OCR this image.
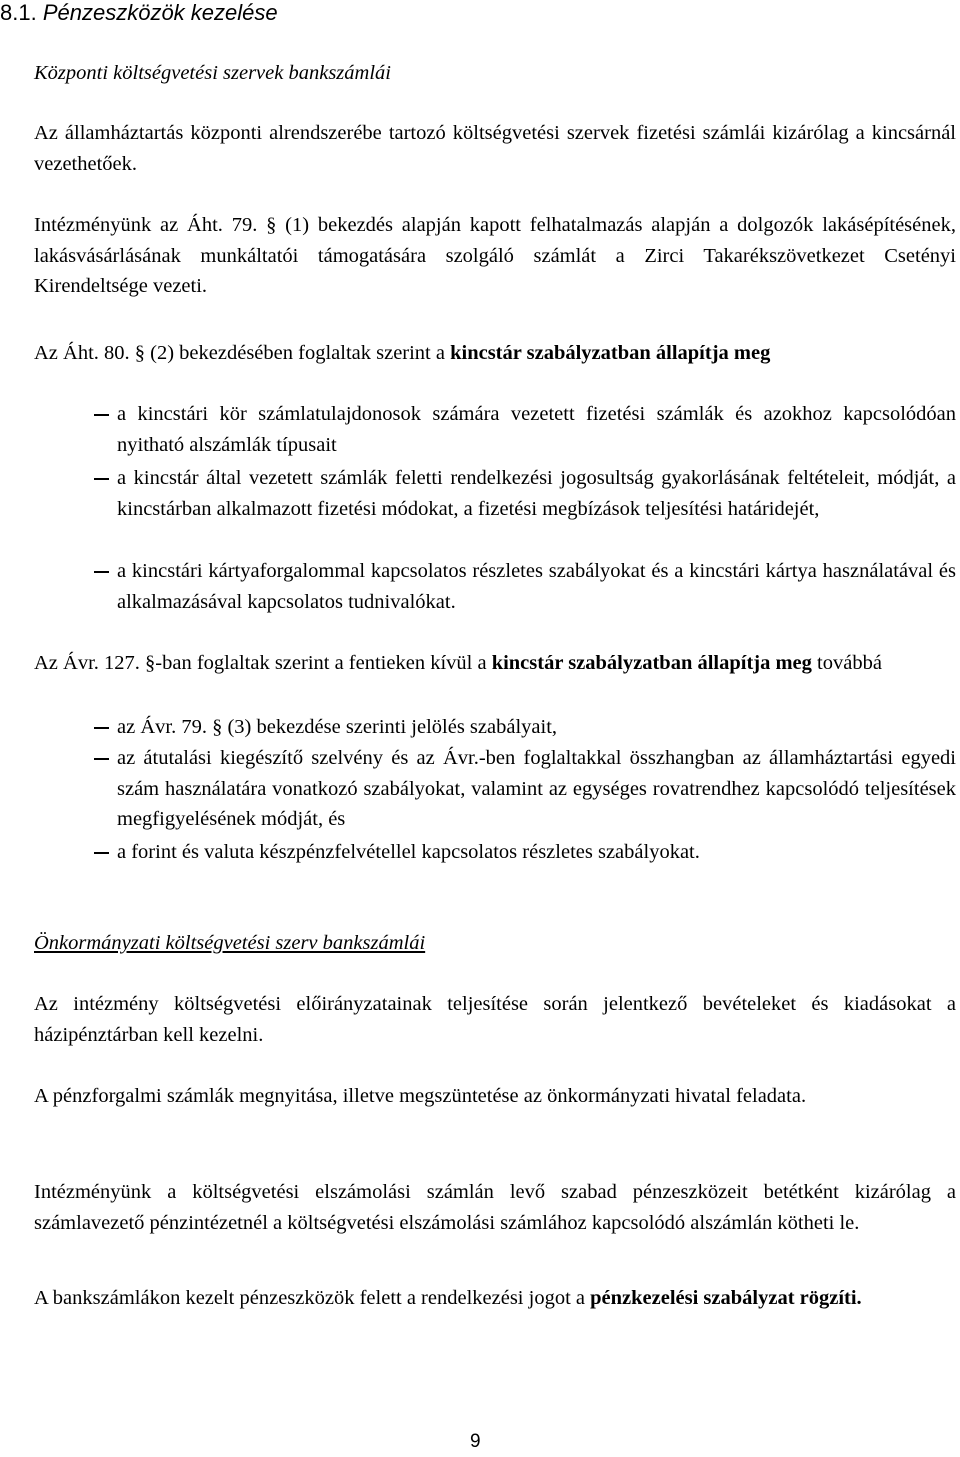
8.1. Pénzeszközök kezelése

Központi költségvetési szervek bankszámlái

Az államháztartás központi alrendszerébe tartozó költségvetési szervek fizetési számlái kizárólag a kincsárnál vezethetőek.

Intézményünk az Áht. 79. § (1) bekezdés alapján kapott felhatalmazás alapján a dolgozók lakásépítésének, lakásvásárlásának munkáltatói támogatására szolgáló számlát a Zirci Takarékszövetkezet Csetényi Kirendeltsége vezeti.

Az Áht. 80. § (2) bekezdésében foglaltak szerint a kincstár szabályzatban állapítja meg

a kincstári kör számlatulajdonosok számára vezetett fizetési számlák és azokhoz kapcsolódóan nyitható alszámlák típusait
a kincstár által vezetett számlák feletti rendelkezési jogosultság gyakorlásának feltételeit, módját, a kincstárban alkalmazott fizetési módokat, a fizetési megbízások teljesítési határidejét,
a kincstári kártyaforgalommal kapcsolatos részletes szabályokat és a kincstári kártya használatával és alkalmazásával kapcsolatos tudnivalókat.

Az Ávr. 127. §-ban foglaltak szerint a fentieken kívül a kincstár szabályzatban állapítja meg továbbá

az Ávr. 79. § (3) bekezdése szerinti jelölés szabályait,
az átutalási kiegészítő szelvény és az Ávr.-ben foglaltakkal összhangban az államháztartási egyedi szám használatára vonatkozó szabályokat, valamint az egységes rovatrendhez kapcsolódó teljesítések megfigyelésének módját, és
a forint és valuta készpénzfelvétellel kapcsolatos részletes szabályokat.

Önkormányzati költségvetési szerv bankszámlái

Az intézmény költségvetési előirányzatainak teljesítése során jelentkező bevételeket és kiadásokat a házipénztárban kell kezelni.

A pénzforgalmi számlák megnyitása, illetve megszüntetése az önkormányzati hivatal feladata.

Intézményünk a költségvetési elszámolási számlán levő szabad pénzeszközeit betétként kizárólag a számlavezető pénzintézetnél a költségvetési elszámolási számlához kapcsolódó alszámlán kötheti le.

A bankszámlákon kezelt pénzeszközök felett a rendelkezési jogot a pénzkezelési szabályzat rögzíti.

9
